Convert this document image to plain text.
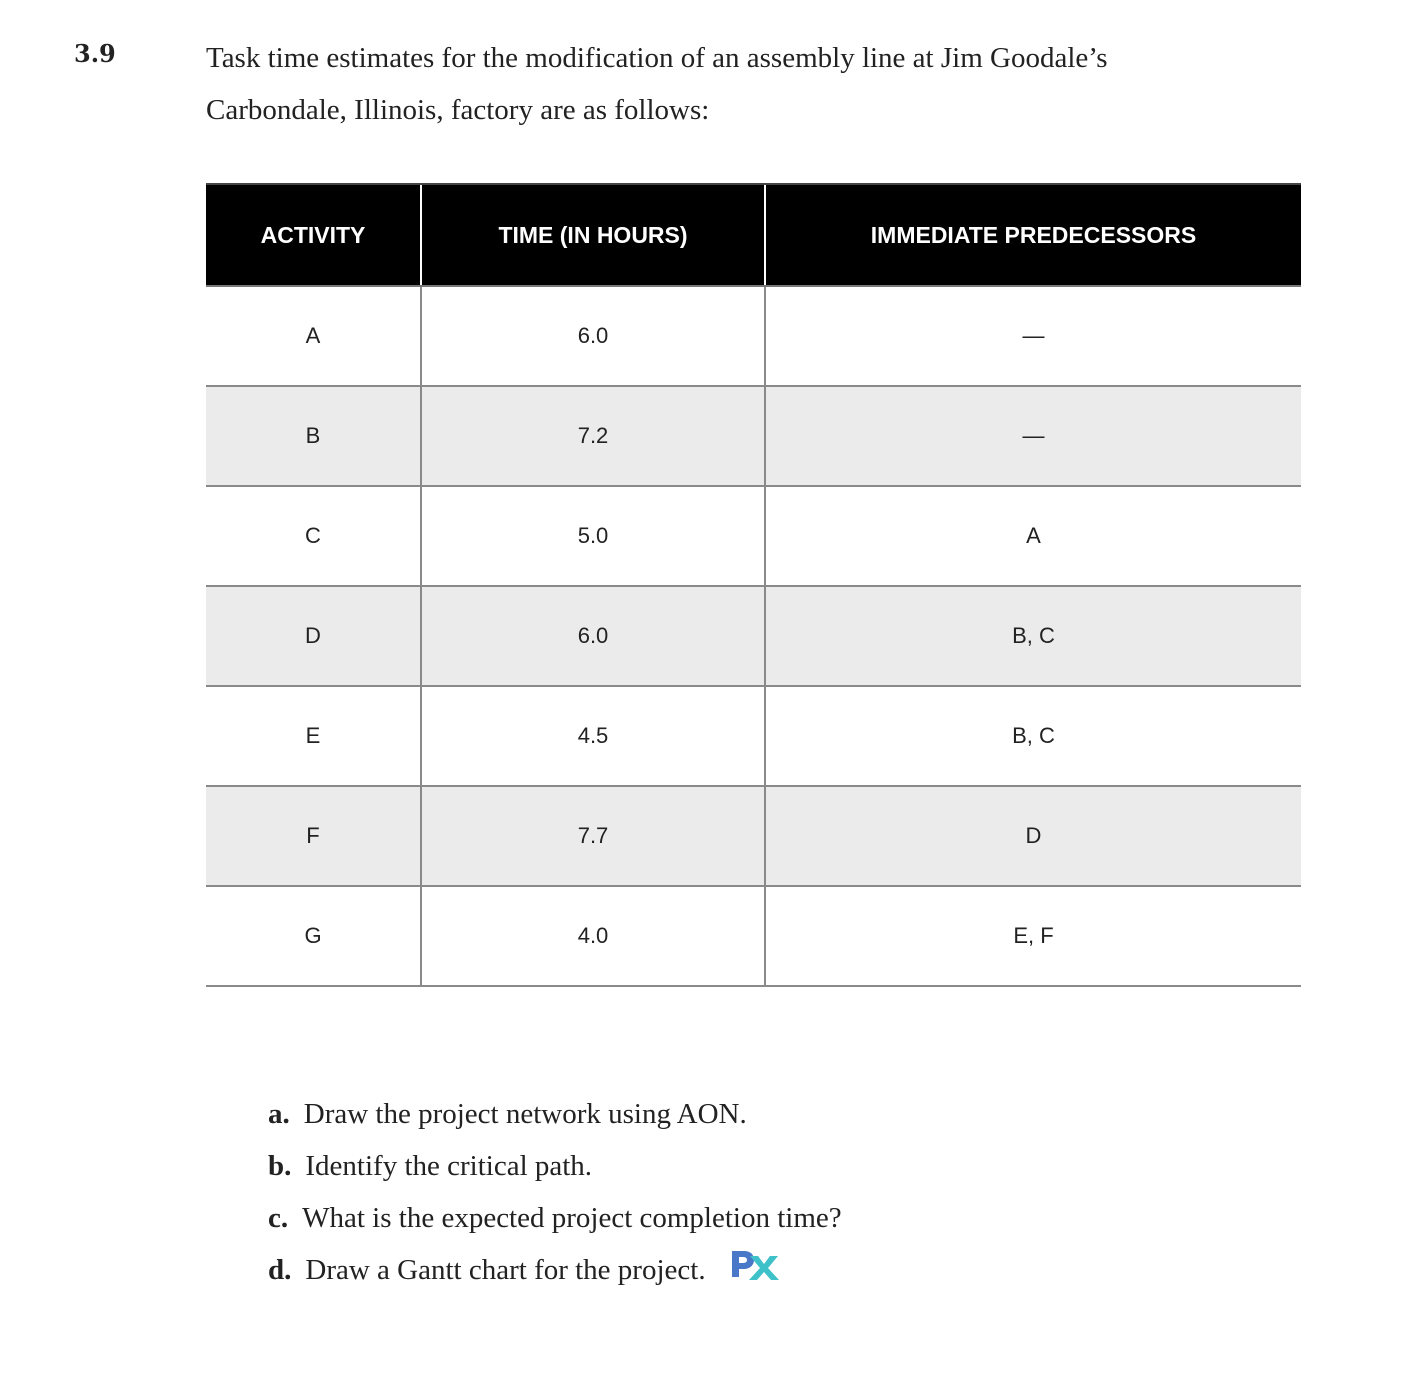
3.9	Task time estimates for the modification of an assembly line at Jim Goodale’s
Carbondale, Illinois, factory are as follows:
ACTIVITY	TIME (IN HOURS)	IMMEDIATE PREDECESSORS
A	6.0	—
B	7.2	—
C	5.0	A
D	6.0	B, C
E	4.5	B, C
F	7.7	D
G	4.0	E, F
a. Draw the project network using AON.
b. Identify the critical path.
c. What is the expected project completion time?
d. Draw a Gantt chart for the project.
